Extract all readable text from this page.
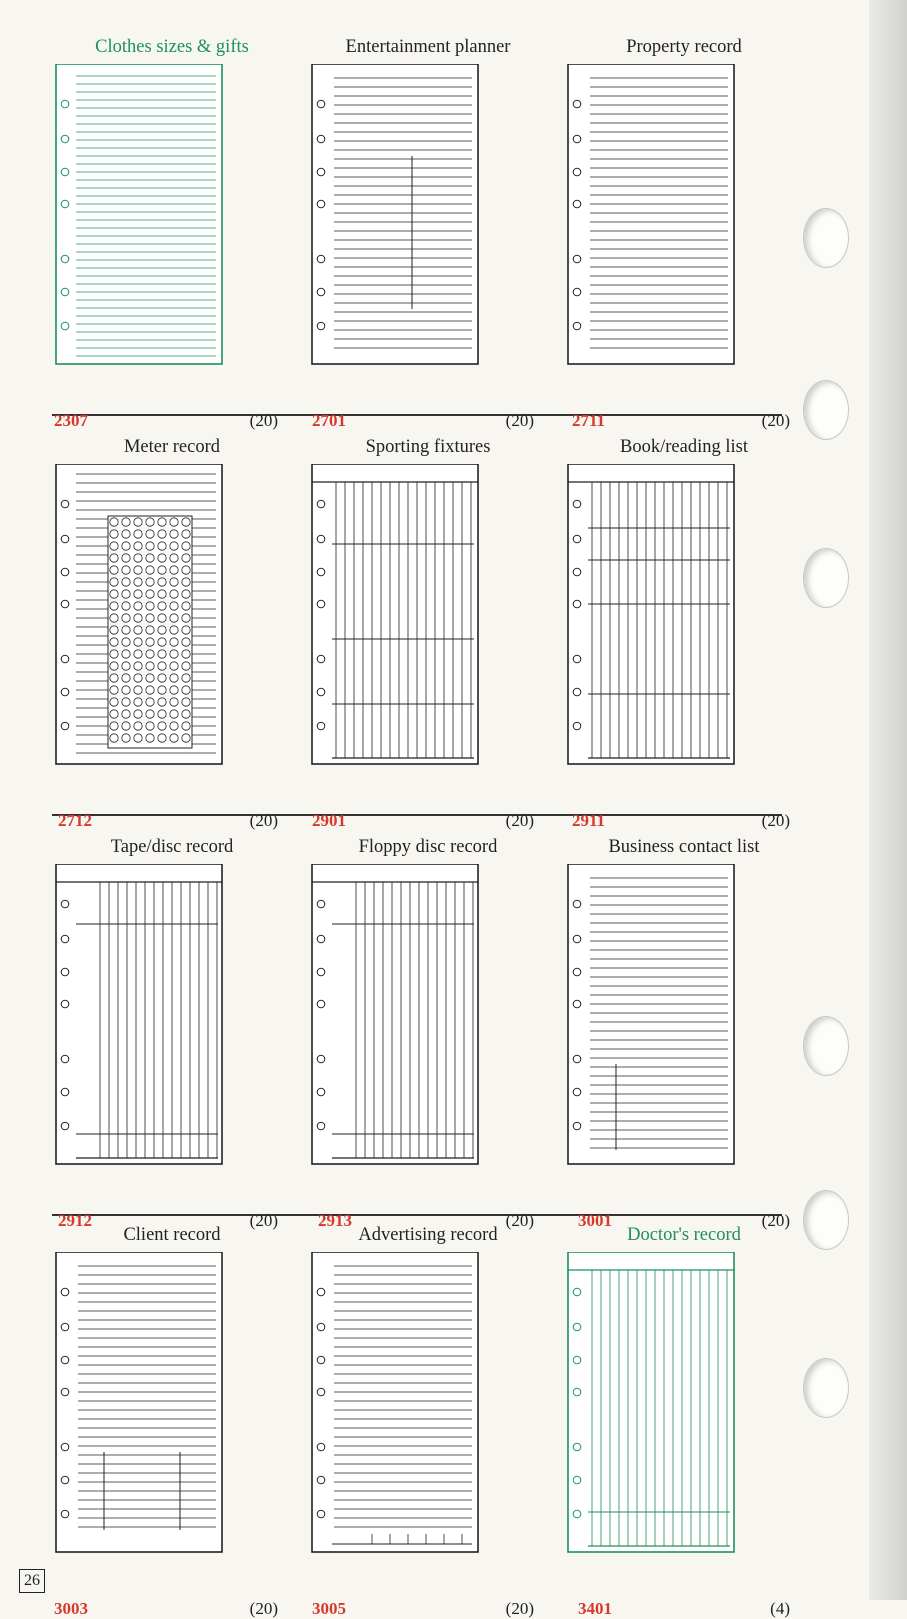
Clothes sizes & gifts
2307	(20)
Entertainment planner
2701	(20)
Property record
2711	(20)
Meter record
2712	(20)
Sporting fixtures
2901	(20)
Book/reading list
2911	(20)
Tape/disc record
2912	(20)
Floppy disc record
2913	(20)
Business contact list
3001	(20)
Client record
3003	(20)
Advertising record
3005	(20)
Doctor's record
3401	(4)
26
